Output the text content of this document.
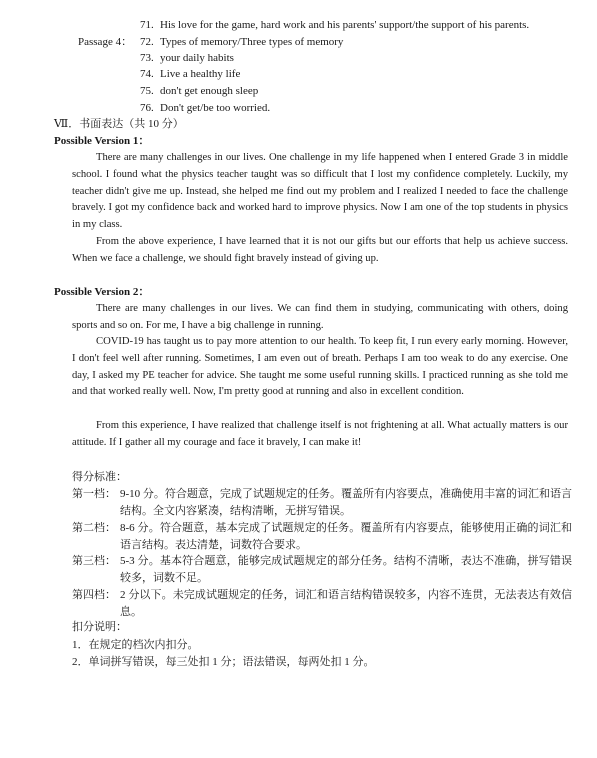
71. His love for the game, hard work and his parents' support/the support of his parents.
Passage 4： 72. Types of memory/Three types of memory
73. your daily habits
74. Live a healthy life
75. don't get enough sleep
76. Don't get/be too worried.
Ⅶ．书面表达（共 10 分）
Possible Version 1：

There are many challenges in our lives. One challenge in my life happened when I entered Grade 3 in middle school. I found what the physics teacher taught was so difficult that I lost my confidence completely. Luckily, my teacher didn't give me up. Instead, she helped me find out my problem and I realized I needed to face the challenge bravely. I got my confidence back and worked hard to improve physics. Now I am one of the top students in physics in my class.

From the above experience, I have learned that it is not our gifts but our efforts that help us achieve success. When we face a challenge, we should fight bravely instead of giving up.

Possible Version 2：

There are many challenges in our lives. We can find them in studying, communicating with others, doing sports and so on. For me, I have a big challenge in running.

COVID-19 has taught us to pay more attention to our health. To keep fit, I run every early morning. However, I don't feel well after running. Sometimes, I am even out of breath. Perhaps I am too weak to do any exercise. One day, I asked my PE teacher for advice. She taught me some useful running skills. I practiced running as she told me and that worked really well. Now, I'm pretty good at running and also in excellent condition.

From this experience, I have realized that challenge itself is not frightening at all. What actually matters is our attitude. If I gather all my courage and face it bravely, I can make it!

得分标准：
第一档： 9-10 分。符合题意，完成了试题规定的任务。覆盖所有内容要点，准确使用丰富的词汇和语言结构。全文内容紧凑，结构清晰，无拼写错误。
第二档： 8-6 分。符合题意，基本完成了试题规定的任务。覆盖所有内容要点，能够使用正确的词汇和语言结构。表达清楚，词数符合要求。
第三档： 5-3 分。基本符合题意，能够完成试题规定的部分任务。结构不清晰，表达不准确，拼写错误较多，词数不足。
第四档： 2 分以下。未完成试题规定的任务，词汇和语言结构错误较多，内容不连贯，无法表达有效信息。
扣分说明：
1．在规定的档次内扣分。
2．单词拼写错误，每三处扣 1 分；语法错误，每两处扣 1 分。
